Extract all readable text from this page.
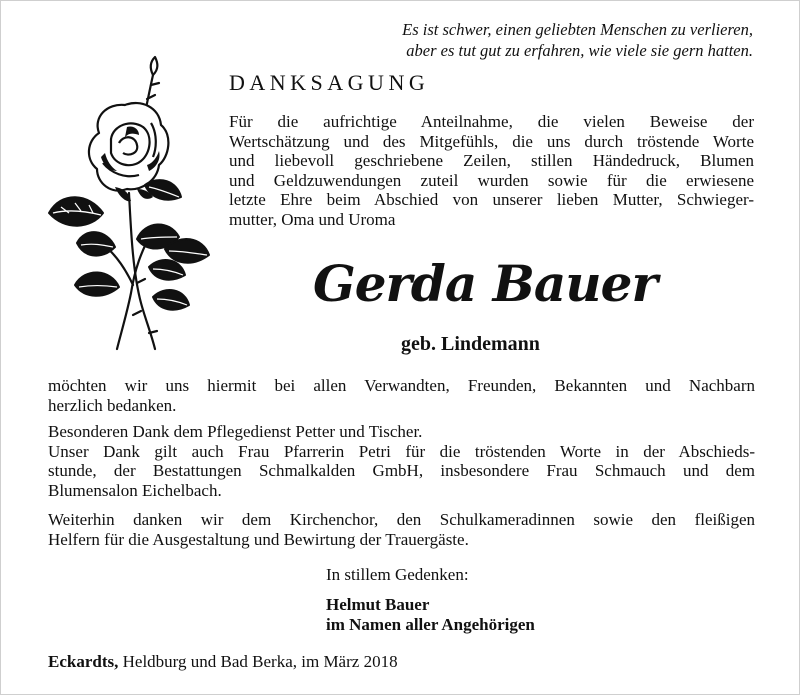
Es ist schwer, einen geliebten Menschen zu verlieren,
aber es tut gut zu erfahren, wie viele sie gern hatten.
DANKSAGUNG
Für die aufrichtige Anteilnahme, die vielen Beweise der
Wertschätzung und des Mitgefühls, die uns durch tröstende Worte
und liebevoll geschriebene Zeilen, stillen Händedruck, Blumen
und Geldzuwendungen zuteil wurden sowie für die erwiesene
letzte Ehre beim Abschied von unserer lieben Mutter, Schwieger-
mutter, Oma und Uroma
Gerda Bauer
geb. Lindemann
möchten wir uns hiermit bei allen Verwandten, Freunden, Bekannten und Nachbarn
herzlich bedanken.
Besonderen Dank dem Pflegedienst Petter und Tischer.
Unser Dank gilt auch Frau Pfarrerin Petri für die tröstenden Worte in der Abschieds-
stunde, der Bestattungen Schmalkalden GmbH, insbesondere Frau Schmauch und dem
Blumensalon Eichelbach.
Weiterhin danken wir dem Kirchenchor, den Schulkameradinnen sowie den fleißigen
Helfern für die Ausgestaltung und Bewirtung der Trauergäste.
In stillem Gedenken:
Helmut Bauer
im Namen aller Angehörigen
Eckardts, Heldburg und Bad Berka, im März 2018
